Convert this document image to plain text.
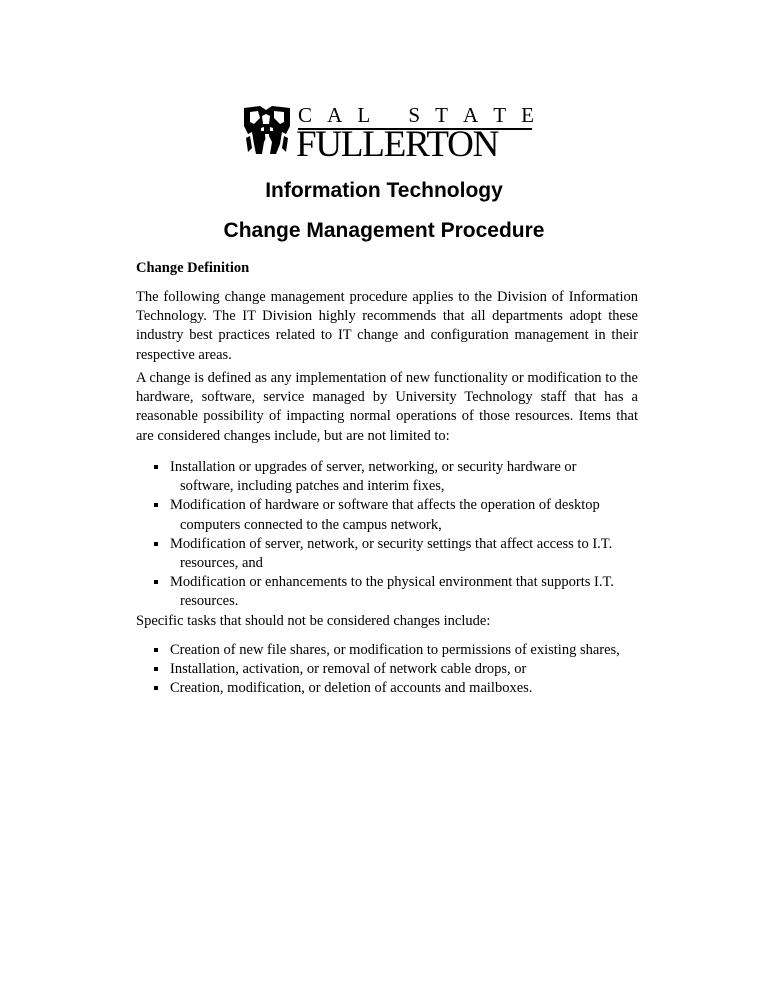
C A L S T A T E
FULLERTON
Information Technology
Change Management Procedure
Change Definition
The following change management procedure applies to the Division of Information Technology. The IT Division highly recommends that all departments adopt these industry best practices related to IT change and configuration management in their respective areas.
A change is defined as any implementation of new functionality or modification to the hardware, software, service managed by University Technology staff that has a reasonable possibility of impacting normal operations of those resources. Items that are considered changes include, but are not limited to:
Installation or upgrades of server, networking, or security hardware or
software, including patches and interim fixes,
Modification of hardware or software that affects the operation of desktop
computers connected to the campus network,
Modification of server, network, or security settings that affect access to I.T.
resources, and
Modification or enhancements to the physical environment that supports I.T.
resources.
Specific tasks that should not be considered changes include:
Creation of new file shares, or modification to permissions of existing shares,
Installation, activation, or removal of network cable drops, or
Creation, modification, or deletion of accounts and mailboxes.
